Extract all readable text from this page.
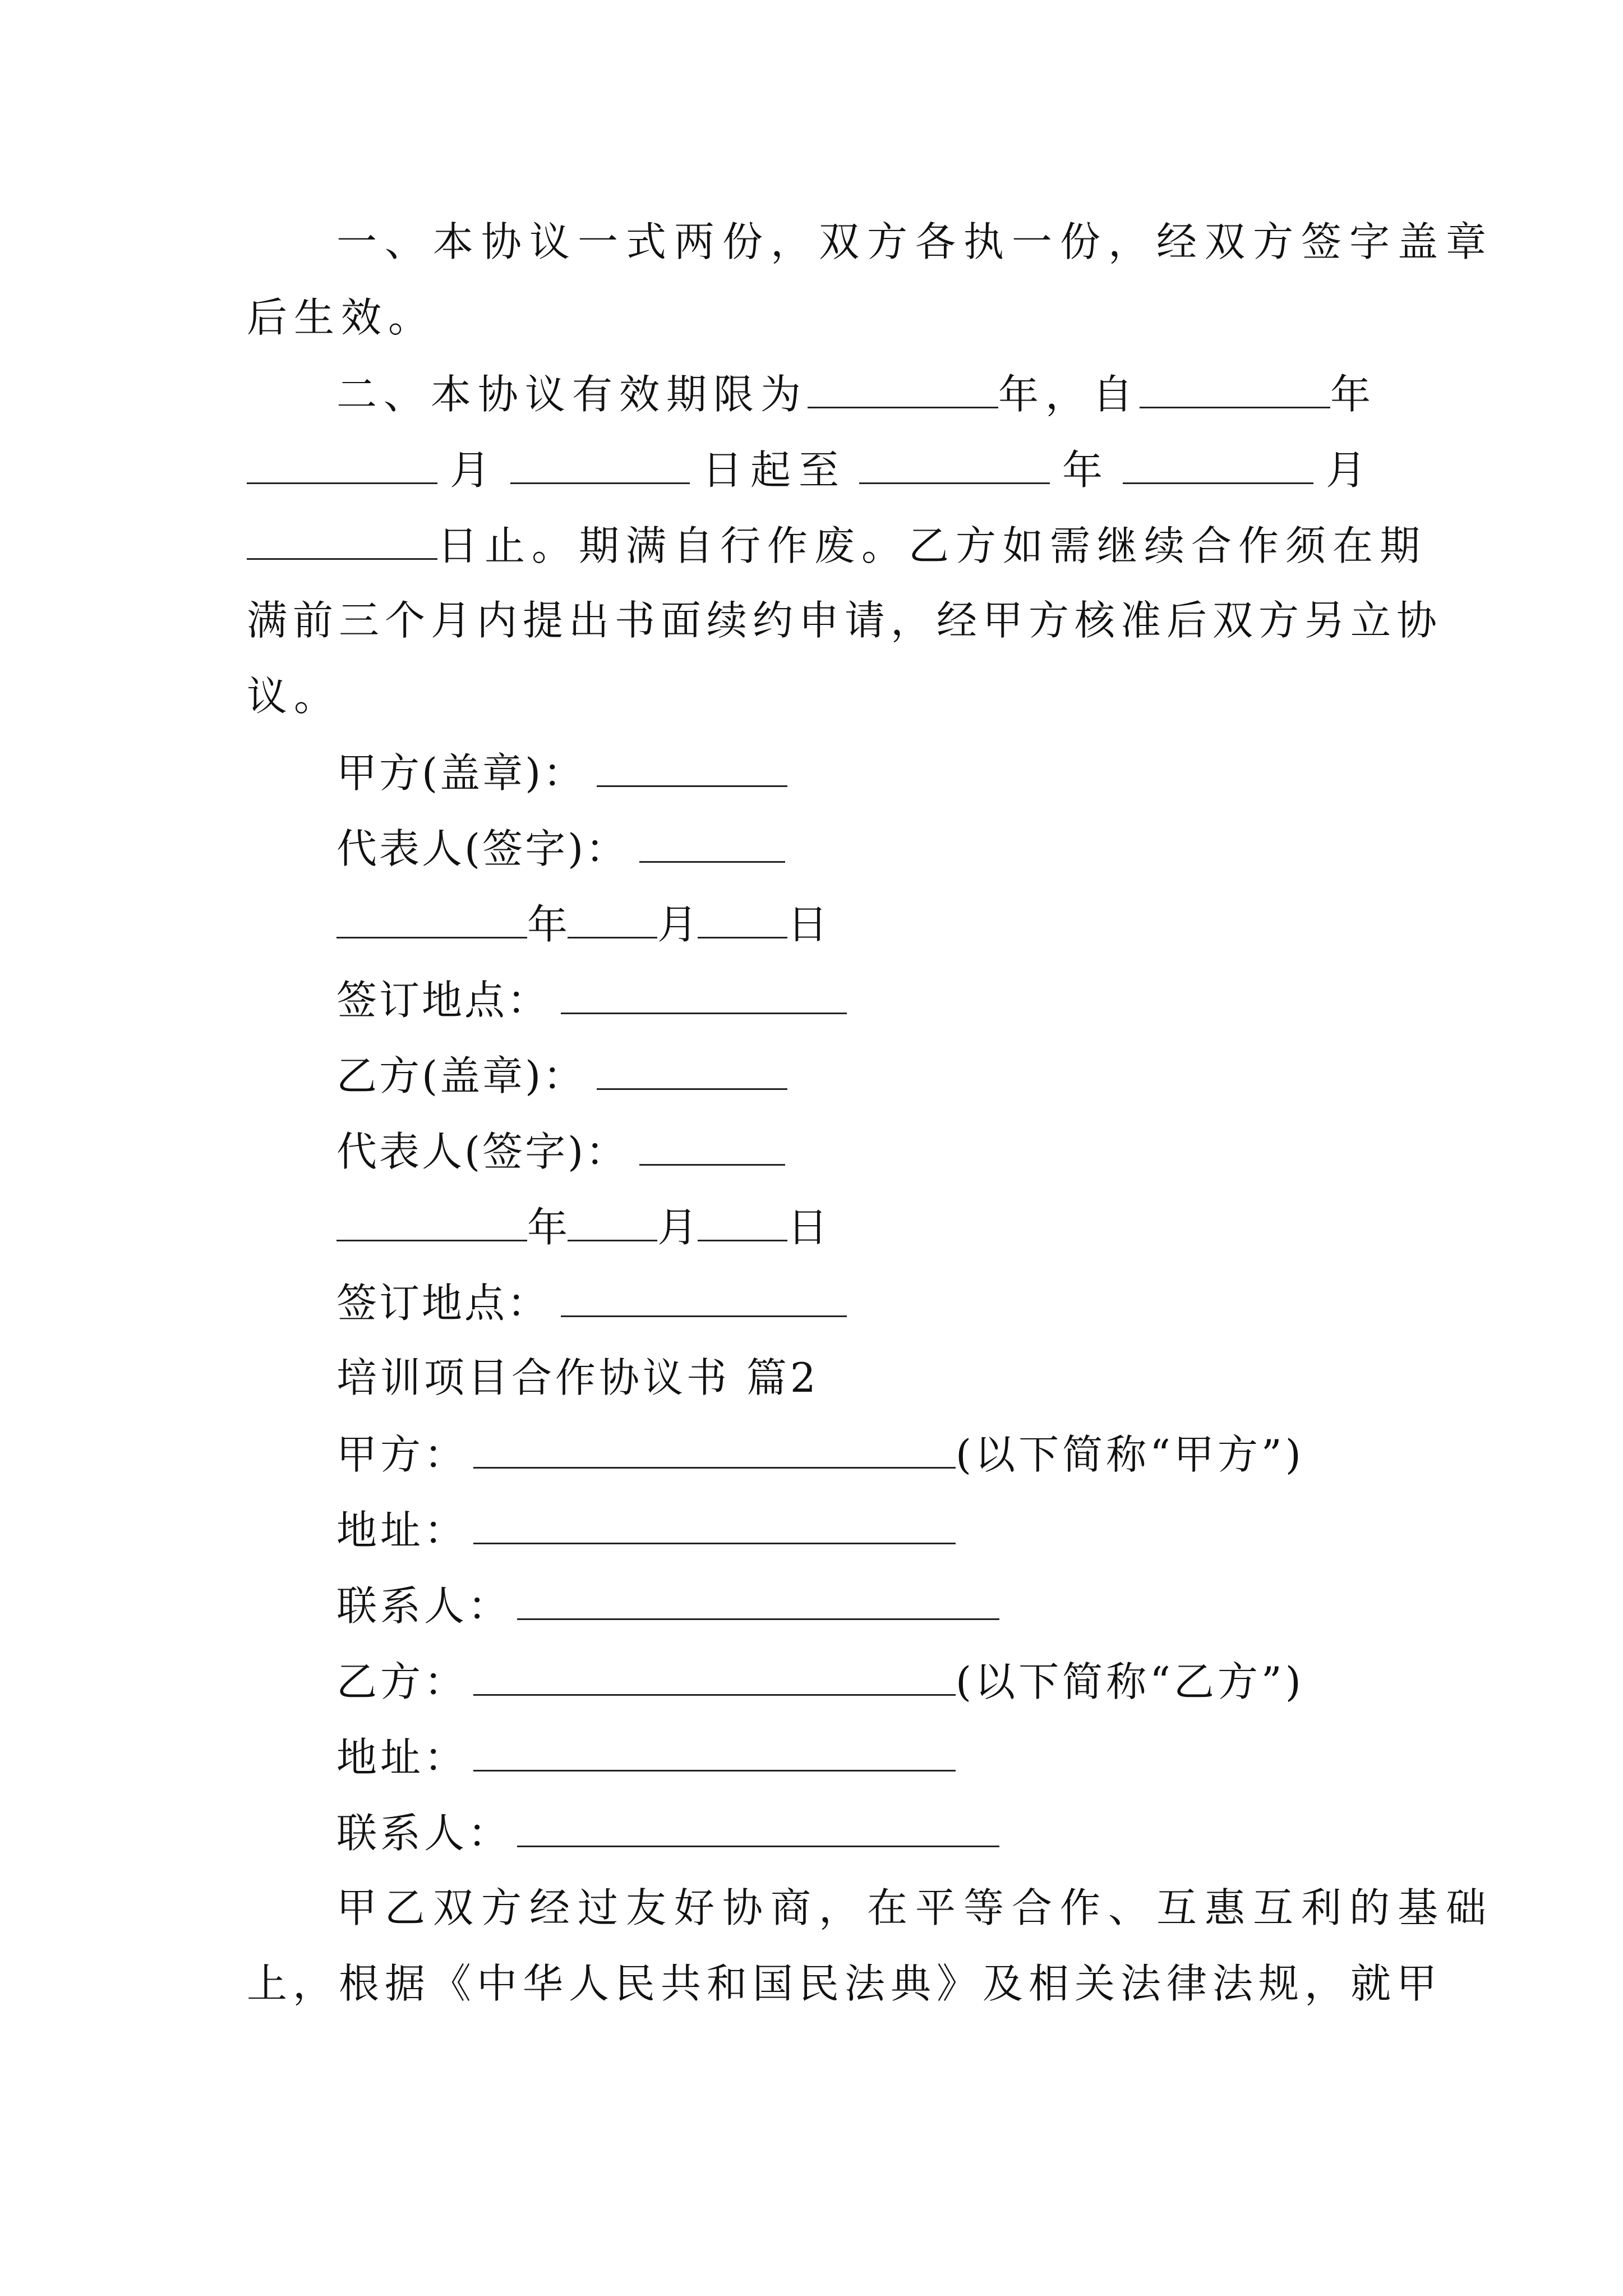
一、本协议一式两份，双方各执一份，经双方签字盖章
后生效。
二、本协议有效期限为	年，自	年
月	日起至	年	月
日止。期满自行作废。乙方如需继续合作须在期
满前三个月内提出书面续约申请，经甲方核准后双方另立协
议。
甲方(盖章)：
代表人(签字)：
年 月 日
签订地点：
乙方(盖章)：
代表人(签字)：
年 月 日
签订地点：
培训项目合作协议书 篇2
甲方：	(以下简称“甲方”)
地址：
联系人：
乙方：	(以下简称“乙方”)
地址：
联系人：
甲乙双方经过友好协商，在平等合作、互惠互利的基础
上，根据《中华人民共和国民法典》及相关法律法规，就甲
